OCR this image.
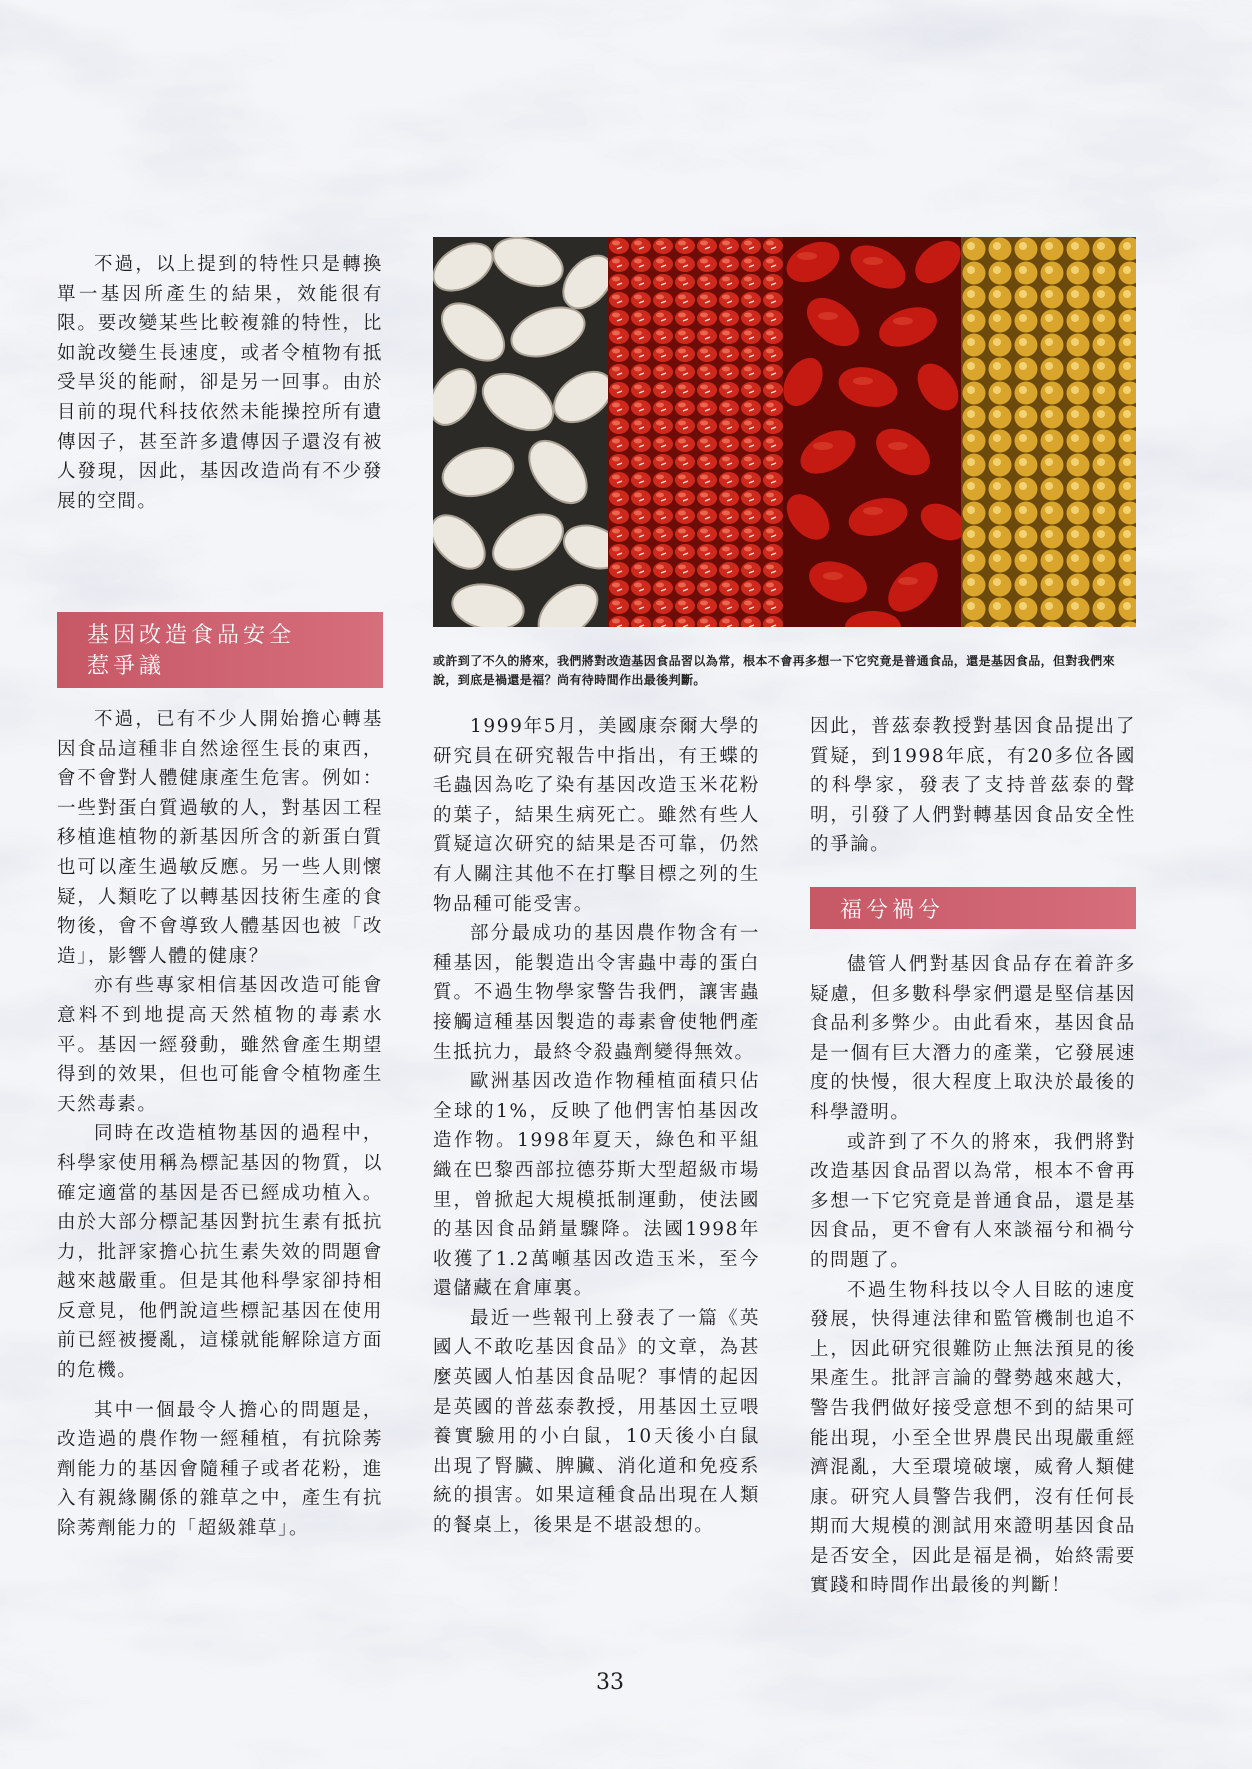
不過，以上提到的特性只是轉換單一基因所產生的結果，效能很有限。要改變某些比較複雜的特性，比如說改變生長速度，或者令植物有抵受旱災的能耐，卻是另一回事。由於目前的現代科技依然未能操控所有遺傳因子，甚至許多遺傳因子還沒有被人發現，因此，基因改造尚有不少發展的空間。

基因改造食品安全
惹爭議

不過，已有不少人開始擔心轉基因食品這種非自然途徑生長的東西，會不會對人體健康產生危害。例如：一些對蛋白質過敏的人，對基因工程移植進植物的新基因所含的新蛋白質也可以產生過敏反應。另一些人則懷疑，人類吃了以轉基因技術生產的食物後，會不會導致人體基因也被「改造」，影響人體的健康？

亦有些專家相信基因改造可能會意料不到地提高天然植物的毒素水平。基因一經發動，雖然會產生期望得到的效果，但也可能會令植物產生天然毒素。

同時在改造植物基因的過程中，科學家使用稱為標記基因的物質，以確定適當的基因是否已經成功植入。由於大部分標記基因對抗生素有抵抗力，批評家擔心抗生素失效的問題會越來越嚴重。但是其他科學家卻持相反意見，他們說這些標記基因在使用前已經被擾亂，這樣就能解除這方面的危機。

其中一個最令人擔心的問題是，改造過的農作物一經種植，有抗除莠劑能力的基因會隨種子或者花粉，進入有親緣關係的雜草之中，產生有抗除莠劑能力的「超級雜草」。

或許到了不久的將來，我們將對改造基因食品習以為常，根本不會再多想一下它究竟是普通食品，還是基因食品，但對我們來說，到底是禍還是福？尚有待時間作出最後判斷。

1999年5月，美國康奈爾大學的研究員在研究報告中指出，有王蝶的毛蟲因為吃了染有基因改造玉米花粉的葉子，結果生病死亡。雖然有些人質疑這次研究的結果是否可靠，仍然有人關注其他不在打擊目標之列的生物品種可能受害。

部分最成功的基因農作物含有一種基因，能製造出令害蟲中毒的蛋白質。不過生物學家警告我們，讓害蟲接觸這種基因製造的毒素會使牠們產生抵抗力，最終令殺蟲劑變得無效。

歐洲基因改造作物種植面積只佔全球的1%，反映了他們害怕基因改造作物。1998年夏天，綠色和平組織在巴黎西部拉德芬斯大型超級市場里，曾掀起大規模抵制運動，使法國的基因食品銷量驟降。法國1998年收獲了1.2萬噸基因改造玉米，至今還儲藏在倉庫裏。

最近一些報刊上發表了一篇《英國人不敢吃基因食品》的文章，為甚麼英國人怕基因食品呢？事情的起因是英國的普茲泰教授，用基因土豆喂養實驗用的小白鼠，10天後小白鼠出現了腎臟、脾臟、消化道和免疫系統的損害。如果這種食品出現在人類的餐桌上，後果是不堪設想的。

因此，普茲泰教授對基因食品提出了質疑，到1998年底，有20多位各國的科學家，發表了支持普茲泰的聲明，引發了人們對轉基因食品安全性的爭論。

福兮禍兮

儘管人們對基因食品存在着許多疑慮，但多數科學家們還是堅信基因食品利多弊少。由此看來，基因食品是一個有巨大潛力的產業，它發展速度的快慢，很大程度上取決於最後的科學證明。

或許到了不久的將來，我們將對改造基因食品習以為常，根本不會再多想一下它究竟是普通食品，還是基因食品，更不會有人來談福兮和禍兮的問題了。

不過生物科技以令人目眩的速度發展，快得連法律和監管機制也追不上，因此研究很難防止無法預見的後果產生。批評言論的聲勢越來越大，警告我們做好接受意想不到的結果可能出現，小至全世界農民出現嚴重經濟混亂，大至環境破壞，威脅人類健康。研究人員警告我們，沒有任何長期而大規模的測試用來證明基因食品是否安全，因此是福是禍，始終需要實踐和時間作出最後的判斷！

33
